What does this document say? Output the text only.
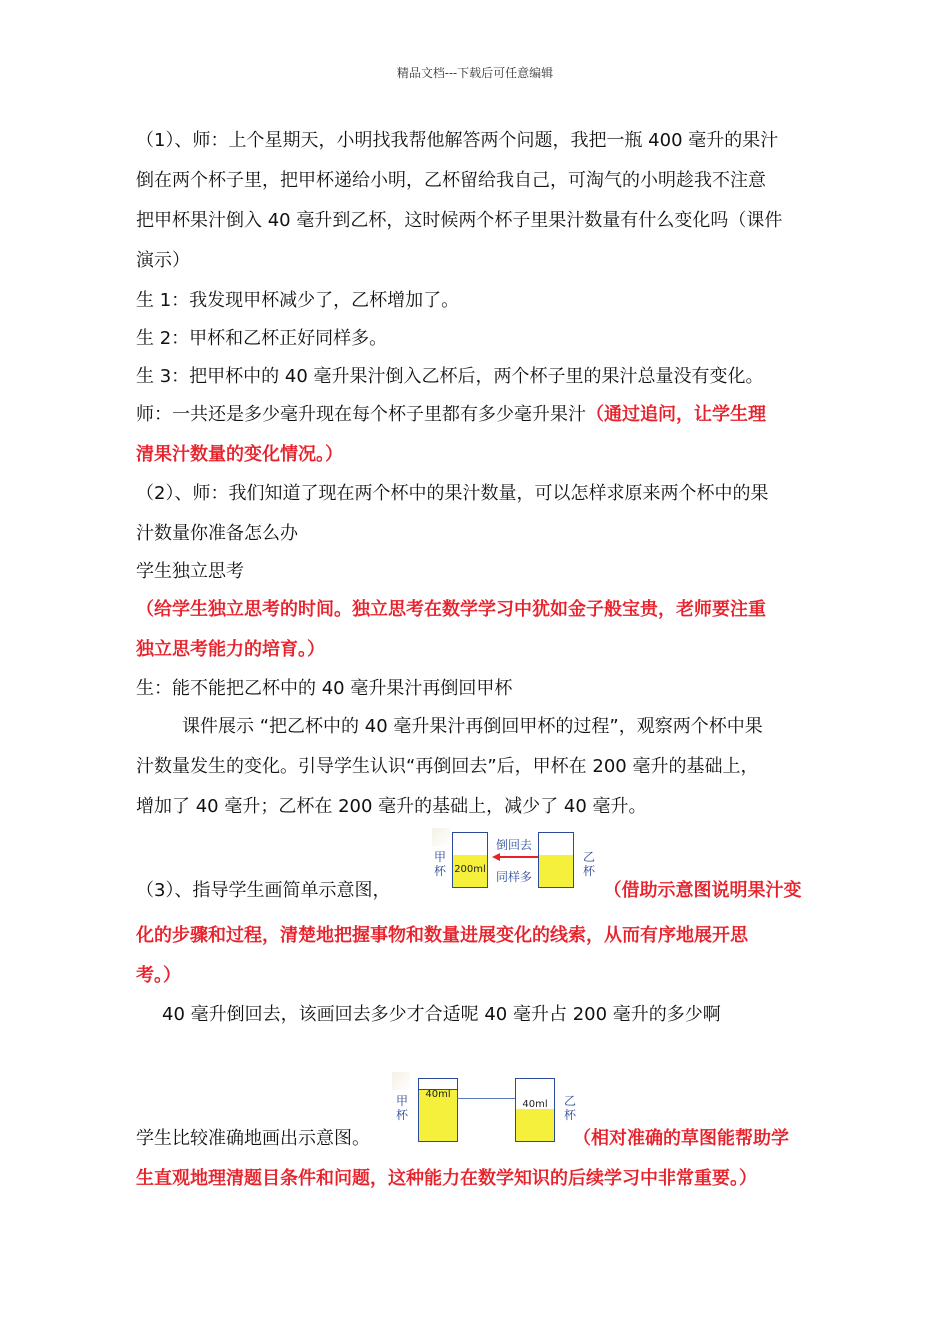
精品文档---下载后可任意编辑
（1）、师：上个星期天，小明找我帮他解答两个问题，我把一瓶 400 毫升的果汁
倒在两个杯子里，把甲杯递给小明，乙杯留给我自己，可淘气的小明趁我不注意
把甲杯果汁倒入 40 毫升到乙杯，这时候两个杯子里果汁数量有什么变化吗（课件
演示）
生 1：我发现甲杯减少了，乙杯增加了。
生 2：甲杯和乙杯正好同样多。
生 3：把甲杯中的 40 毫升果汁倒入乙杯后，两个杯子里的果汁总量没有变化。
师：一共还是多少毫升现在每个杯子里都有多少毫升果汁（通过追问，让学生理
清果汁数量的变化情况。）
（2）、师：我们知道了现在两个杯中的果汁数量，可以怎样求原来两个杯中的果
汁数量你准备怎么办
学生独立思考
（给学生独立思考的时间。独立思考在数学学习中犹如金子般宝贵，老师要注重
独立思考能力的培育。）
生：能不能把乙杯中的 40 毫升果汁再倒回甲杯
课件展示 “把乙杯中的 40 毫升果汁再倒回甲杯的过程”，观察两个杯中果
汁数量发生的变化。引导学生认识“再倒回去”后，甲杯在 200 毫升的基础上，
增加了 40 毫升；乙杯在 200 毫升的基础上，减少了 40 毫升。
甲杯 200ml
倒回去
同样多
乙杯
（3）、指导学生画简单示意图，	（借助示意图说明果汁变
化的步骤和过程，清楚地把握事物和数量进展变化的线索，从而有序地展开思
考。）
40 毫升倒回去，该画回去多少才合适呢 40 毫升占 200 毫升的多少啊
甲杯
40ml
40ml	乙杯
学生比较准确地画出示意图。	（相对准确的草图能帮助学
生直观地理清题目条件和问题，这种能力在数学知识的后续学习中非常重要。）
